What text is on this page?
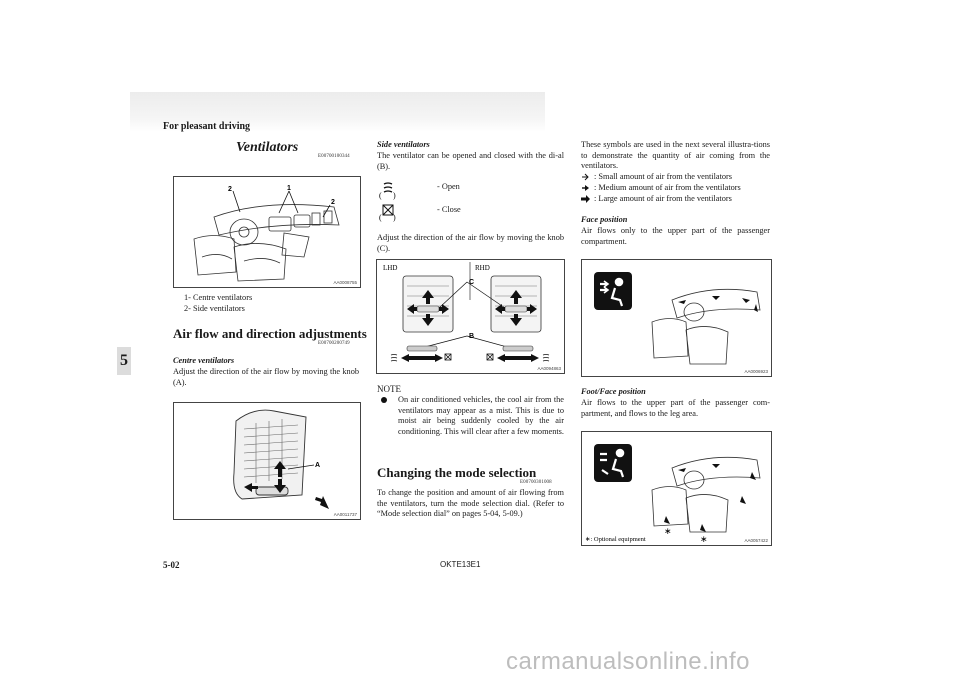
For pleasant driving
5
Ventilators
E00700100344
2	1
2
AA0008755
1- Centre ventilators
2- Side ventilators
Air flow and direction adjustments
E00700200749
Centre ventilators
Adjust the direction of the air flow by moving the knob (A).
A
AA0011737
Side ventilators
The ventilator can be opened and closed with the di-al (B).
( )
- Open
( )
- Close
Adjust the direction of the air flow by moving the knob (C).
LHD	RHD
C
B
AA0094863
NOTE
On air conditioned vehicles, the cool air from the ventilators may appear as a mist. This is due to moist air being suddenly cooled by the air conditioning. This will clear after a few moments.
Changing the mode selection
E00700301008
To change the position and amount of air flowing from the ventilators, turn the mode selection dial. (Refer to “Mode selection dial” on pages 5-04, 5-09.)
These symbols are used in the next several illustra-tions to demonstrate the quantity of air coming from the ventilators.
: Small amount of air from the ventilators
: Medium amount of air from the ventilators
: Large amount of air from the ventilators
Face position
Air flows only to the upper part of the passenger compartment.
AA0006923
Foot/Face position
Air flows to the upper part of the passenger com-partment, and flows to the leg area.
∗
∗
∗: Optional equipment	AA0057422
5-02	OKTE13E1
carmanualsonline.info
